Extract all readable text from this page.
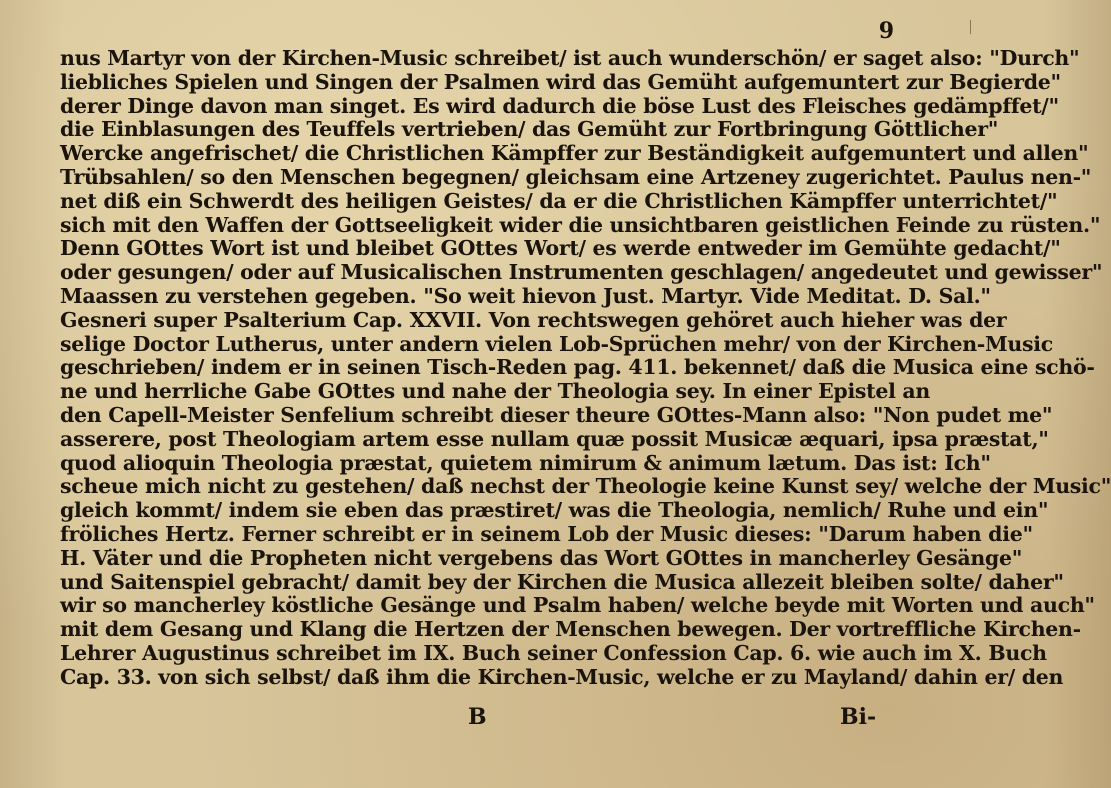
9
nus Martyr von der Kirchen-Music schreibet/ ist auch wunderschön/ er saget also: "Durch"
liebliches Spielen und Singen der Psalmen wird das Gemüht aufgemuntert zur Begierde"
derer Dinge davon man singet. Es wird dadurch die böse Lust des Fleisches gedämpffet/"
die Einblasungen des Teuffels vertrieben/ das Gemüht zur Fortbringung Göttlicher"
Wercke angefrischet/ die Christlichen Kämpffer zur Beständigkeit aufgemuntert und allen"
Trübsahlen/ so den Menschen begegnen/ gleichsam eine Artzeney zugerichtet. Paulus nen-"
net diß ein Schwerdt des heiligen Geistes/ da er die Christlichen Kämpffer unterrichtet/"
sich mit den Waffen der Gottseeligkeit wider die unsichtbaren geistlichen Feinde zu rüsten."
Denn GOttes Wort ist und bleibet GOttes Wort/ es werde entweder im Gemühte gedacht/"
oder gesungen/ oder auf Musicalischen Instrumenten geschlagen/ angedeutet und gewisser"
Maassen zu verstehen gegeben. "So weit hievon Just. Martyr. Vide Meditat. D. Sal."
Gesneri super Psalterium Cap. XXVII. Von rechtswegen gehöret auch hieher was der
selige Doctor Lutherus, unter andern vielen Lob-Sprüchen mehr/ von der Kirchen-Music
geschrieben/ indem er in seinen Tisch-Reden pag. 411. bekennet/ daß die Musica eine schö-
ne und herrliche Gabe GOttes und nahe der Theologia sey. In einer Epistel an
den Capell-Meister Senfelium schreibt dieser theure GOttes-Mann also: "Non pudet me"
asserere, post Theologiam artem esse nullam quæ possit Musicæ æquari, ipsa præstat,"
quod alioquin Theologia præstat, quietem nimirum & animum lætum. Das ist: Ich"
scheue mich nicht zu gestehen/ daß nechst der Theologie keine Kunst sey/ welche der Music"
gleich kommt/ indem sie eben das præstiret/ was die Theologia, nemlich/ Ruhe und ein"
fröliches Hertz. Ferner schreibt er in seinem Lob der Music dieses: "Darum haben die"
H. Väter und die Propheten nicht vergebens das Wort GOttes in mancherley Gesänge"
und Saitenspiel gebracht/ damit bey der Kirchen die Musica allezeit bleiben solte/ daher"
wir so mancherley köstliche Gesänge und Psalm haben/ welche beyde mit Worten und auch"
mit dem Gesang und Klang die Hertzen der Menschen bewegen. Der vortreffliche Kirchen-
Lehrer Augustinus schreibet im IX. Buch seiner Confession Cap. 6. wie auch im X. Buch
Cap. 33. von sich selbst/ daß ihm die Kirchen-Music, welche er zu Mayland/ dahin er/ den
B	Bi-
